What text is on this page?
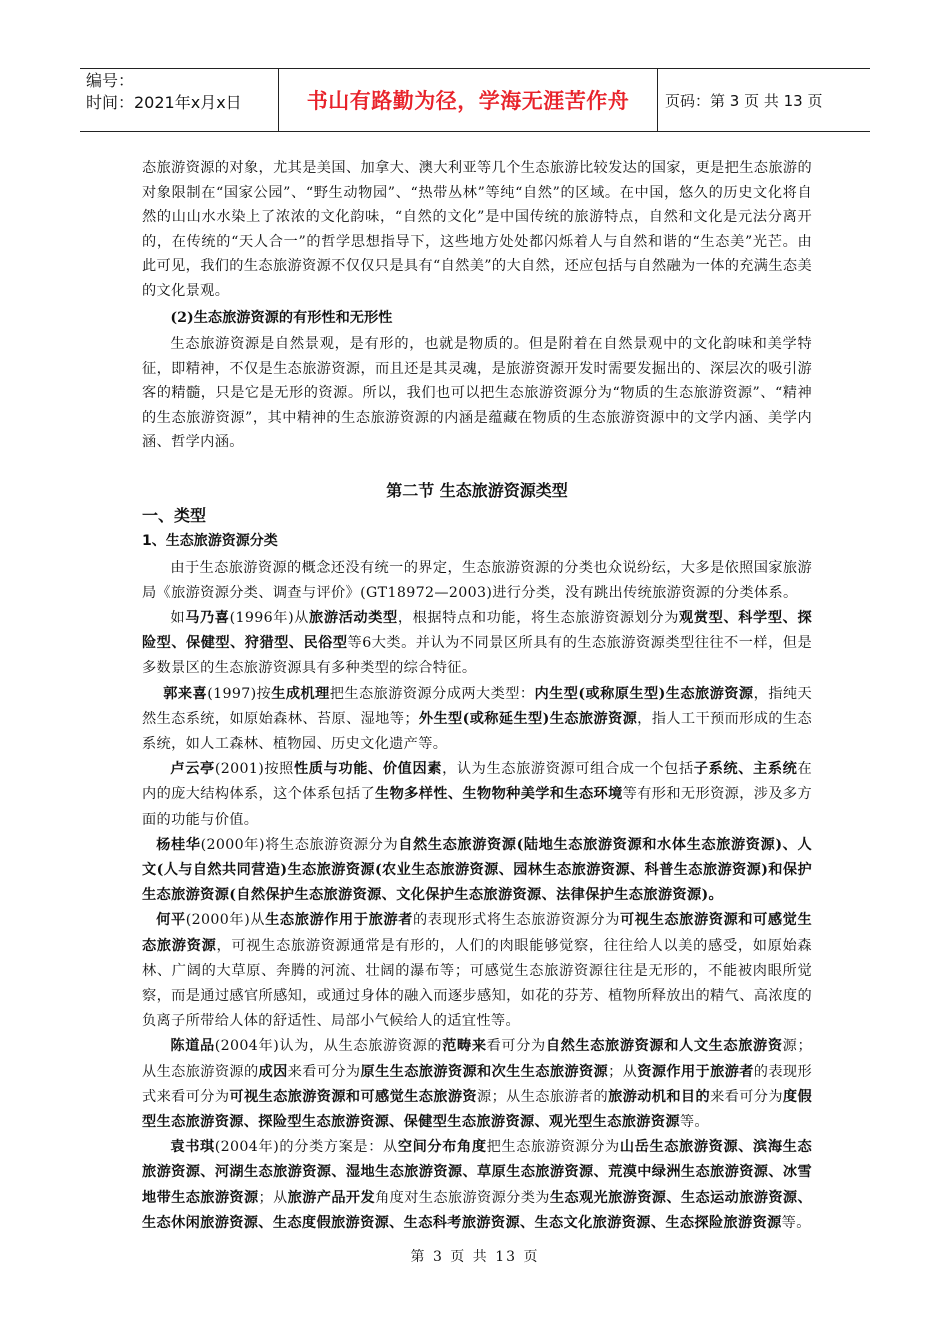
编号：
时间：2021年x月x日	书山有路勤为径，学海无涯苦作舟	页码：第 3 页 共 13 页

态旅游资源的对象，尤其是美国、加拿大、澳大利亚等几个生态旅游比较发达的国家，更是把生态旅游的对象限制在“国家公园”、“野生动物园”、“热带丛林”等纯“自然”的区域。在中国，悠久的历史文化将自然的山山水水染上了浓浓的文化韵味，“自然的文化”是中国传统的旅游特点，自然和文化是元法分离开的，在传统的“天人合一”的哲学思想指导下，这些地方处处都闪烁着人与自然和谐的“生态美”光芒。由此可见，我们的生态旅游资源不仅仅只是具有“自然美”的大自然，还应包括与自然融为一体的充满生态美的文化景观。

(2)生态旅游资源的有形性和无形性

生态旅游资源是自然景观，是有形的，也就是物质的。但是附着在自然景观中的文化韵味和美学特征，即精神，不仅是生态旅游资源，而且还是其灵魂，是旅游资源开发时需要发掘出的、深层次的吸引游客的精髓，只是它是无形的资源。所以，我们也可以把生态旅游资源分为“物质的生态旅游资源”、“精神的生态旅游资源”，其中精神的生态旅游资源的内涵是蕴藏在物质的生态旅游资源中的文学内涵、美学内涵、哲学内涵。

第二节 生态旅游资源类型
一、类型
1、生态旅游资源分类

由于生态旅游资源的概念还没有统一的界定，生态旅游资源的分类也众说纷纭，大多是依照国家旅游局《旅游资源分类、调查与评价》(GT18972—2003)进行分类，没有跳出传统旅游资源的分类体系。

如马乃喜(1996年)从旅游活动类型，根据特点和功能，将生态旅游资源划分为观赏型、科学型、探险型、保健型、狩猎型、民俗型等6大类。并认为不同景区所具有的生态旅游资源类型往往不一样，但是多数景区的生态旅游资源具有多种类型的综合特征。

郭来喜(1997)按生成机理把生态旅游资源分成两大类型：内生型(或称原生型)生态旅游资源，指纯天然生态系统，如原始森林、苔原、湿地等；外生型(或称延生型)生态旅游资源，指人工干预而形成的生态系统，如人工森林、植物园、历史文化遗产等。

卢云亭(2001)按照性质与功能、价值因素，认为生态旅游资源可组合成一个包括子系统、主系统在内的庞大结构体系，这个体系包括了生物多样性、生物物种美学和生态环境等有形和无形资源，涉及多方面的功能与价值。

杨桂华(2000年)将生态旅游资源分为自然生态旅游资源(陆地生态旅游资源和水体生态旅游资源)、人文(人与自然共同营造)生态旅游资源(农业生态旅游资源、园林生态旅游资源、科普生态旅游资源)和保护生态旅游资源(自然保护生态旅游资源、文化保护生态旅游资源、法律保护生态旅游资源)。

何平(2000年)从生态旅游作用于旅游者的表现形式将生态旅游资源分为可视生态旅游资源和可感觉生态旅游资源，可视生态旅游资源通常是有形的，人们的肉眼能够觉察，往往给人以美的感受，如原始森林、广阔的大草原、奔腾的河流、壮阔的瀑布等；可感觉生态旅游资源往往是无形的，不能被肉眼所觉察，而是通过感官所感知，或通过身体的融入而逐步感知，如花的芬芳、植物所释放出的精气、高浓度的负离子所带给人体的舒适性、局部小气候给人的适宜性等。

陈道品(2004年)认为，从生态旅游资源的范畴来看可分为自然生态旅游资源和人文生态旅游资源；从生态旅游资源的成因来看可分为原生生态旅游资源和次生生态旅游资源；从资源作用于旅游者的表现形式来看可分为可视生态旅游资源和可感觉生态旅游资源；从生态旅游者的旅游动机和目的来看可分为度假型生态旅游资源、探险型生态旅游资源、保健型生态旅游资源、观光型生态旅游资源等。

袁书琪(2004年)的分类方案是：从空间分布角度把生态旅游资源分为山岳生态旅游资源、滨海生态旅游资源、河湖生态旅游资源、湿地生态旅游资源、草原生态旅游资源、荒漠中绿洲生态旅游资源、冰雪地带生态旅游资源；从旅游产品开发角度对生态旅游资源分类为生态观光旅游资源、生态运动旅游资源、生态休闲旅游资源、生态度假旅游资源、生态科考旅游资源、生态文化旅游资源、生态探险旅游资源等。

第 3 页 共 13 页
